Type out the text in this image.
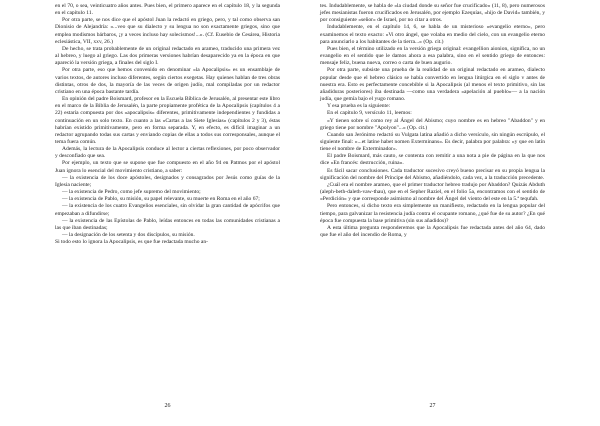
en el 70, o sea, veinticuatro años antes. Pues bien, el primero aparece en el capítulo 18, y la segunda en el capítulo 11.

Por otra parte, se nos dice que el apóstol Juan la redactó en griego, pero, y tal como observa san Dionisio de Alejandría: «...veo que su dialecto y su lengua no son exactamente griegos, sino que emplea modismos bárbaros, ¡y a veces incluso hay solecismos!...». (Cf. Eusebio de Cesárea, Historia eclesiástica, VII, xxv, 26.)

De hecho, se trata probablemente de un original redactado en arameo, traducido una primera vez al hebreo, y luego al griego. Las dos primeras versiones habrían desaparecido ya en la época en que apareció la versión griega, a finales del siglo I.

Por otra parte, eso que hemos convenido en denominar «la Apocalipsis» es un ensamblaje de varios textos, de autores incluso diferentes, según ciertos exegetas. Hay quienes hablan de tres obras distintas, otros de dos, la mayoría de las veces de origen judío, mal compiladas por un redactor cristiano en una época bastante tardía.

En opinión del padre Boismard, profesor en la Escuela Bíblica de Jerusalén, al presentar este libro en el marco de la Biblia de Jerusalén, la parte propiamente profética de la Apocalipsis (capítulos 4 a 22) estaría compuesta por dos «apocalipsis» diferentes, primitivamente independientes y fundidas a continuación en un solo texto. En cuanto a las «Cartas a las Siete Iglesias» (capítulos 2 y 3), éstas habrían existido primitivamente, pero en forma separada. Y, en efecto, es difícil imaginar a un redactor agrupando todas sus cartas y enviando copias de ellas a todos sus corresponsales, aunque el tema fuera común.

Además, la lectura de la Apocalipsis conduce al lector a ciertas reflexiones, por poco observador y desconfiado que sea.

Por ejemplo, un texto que se supone que fue compuesto en el año 94 en Patmos por el apóstol Juan ignora lo esencial del movimiento cristiano, a saber:

— la existencia de los doce apóstoles, designados y consagrados por Jesús como guías de la Iglesia naciente;

— la existencia de Pedro, como jefe supremo del movimiento;

— la existencia de Pablo, su misión, su papel relevante, su muerte en Roma en el año 67;

— la existencia de los cuatro Evangelios esenciales, sin olvidar la gran cantidad de apócrifos que empezaban a difundirse;

— la existencia de las Epístolas de Pablo, leídas entonces en todas las comunidades cristianas a las que iban destinadas;

— la designación de los setenta y dos discípulos, su misión.

Si todo esto lo ignora la Apocalipsis, es que fue redactada mucho an-

26

tes. Indudablemente, se habla de «la ciudad donde su señor fue crucificado» (11, 8), pero numerosos jefes mesianistas fueron crucificados en Jerusalén, por ejemplo Ezequías, «hijo de David» también, y por consiguiente «señor» de Israel, por no citar a otros.

Indudablemente, en el capítulo 14, 6, se habla de un misterioso «evangelio eterno», pero examinemos el texto exacto: «Vi otro ángel, que volaba en medio del cielo, con un evangelio eterno para anunciarlo a los habitantes de la tierra...» (Op. cit.)

Pues bien, el término utilizado en la versión griega original: evangellion aionion, significa, no un evangelio en el sentido que le damos ahora a esa palabra, sino en el sentido griego de entonces: mensaje feliz, buena nueva, correo o carta de buen augurio.

Por otra parte, subsiste una prueba de la realidad de un original redactado en arameo, dialecto popular desde que el hebreo clásico se había convertido en lengua litúrgica en el siglo v antes de nuestra era. Esto es perfectamente concebible si la Apocalipsis (al menos el texto primitivo, sin las añadiduras posteriores) iba destinada —como una verdadera «apelación al pueblo»— a la nación judía, que gemía bajo el yugo romano.

Y esa prueba es la siguiente:

En el capítulo 9, versículo 11, leemos:

«Y tienen sobre sí como rey al Ángel del Abismo; cuyo nombre es en hebreo "Abaddon" y en griego tiene por nombre "Apolyon"...» (Op. cit.)

Cuando san Jerónimo redactó su Vulgata latina añadió a dicho versículo, sin ningún escrúpulo, el siguiente final: «...et latine habet nomen Exterminans». Es decir, palabra por palabra: «y que en latín tiene el nombre de Exterminador».

El padre Boismard, más cauto, se contenta con remitir a una nota a pie de página en la que nos dice «En francés: destrucción, ruina».

Es fácil sacar conclusiones. Cada traductor sucesivo creyó bueno precisar en su propia lengua la significación del nombre del Príncipe del Abismo, añadiéndolo, cada vez, a la traducción precedente.

¿Cuál era el nombre arameo, que el primer traductor hebreo tradujo por Abaddon? Quizás Abduth (aleph-beth-daleth-vaw-thau), que en el Sepher Raziel, en el folio 5a, encontramos con el sentido de «Perdición» y que corresponde asimismo al nombre del Ángel del viento del este en la 5.ª tequfah.

Pero entonces, si dicho texto era simplemente un manifiesto, redactado en la lengua popular del tiempo, para galvanizar la resistencia judía contra el ocupante romano, ¿qué fue de su autor? ¿En qué época fue compuesta la base primitiva (sin sus añadidos)?

A esta última pregunta responderemos que la Apocalipsis fue redactada antes del año 64, dado que fue el año del incendio de Roma, y

27
